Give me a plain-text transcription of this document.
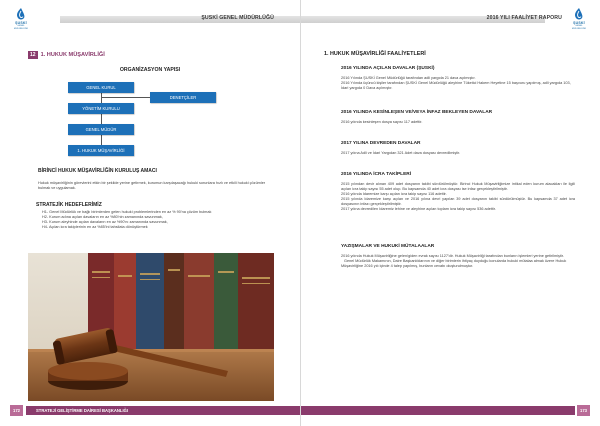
ŞUSKİ GENEL MÜDÜRLÜĞÜ
ŞUSKİ
GENEL MÜDÜRLÜĞÜ
12 1. HUKUK MÜŞAVİRLİĞİ
ORGANİZASYON YAPISI
GENEL KURUL
DENETÇİLER
YÖNETİM KURULU
GENEL MÜDÜR
1. HUKUK MÜŞAVİRLİĞİ
BİRİNCİ HUKUK MÜŞAVİRLİĞİN KURULUŞ AMACI

Hukuk müşavirliğinin görevlerini etkin bir şekilde yerine getirmek, kurumun karşılaşacağı hukuki sorunlara hızlı ve etkili hukuki çözümler bulmak ve uygulamak.

STRATEJİK HEDEFLERİMİZ

H1- Genel Müdürlük ve bağlı birimlerden gelen hukuki problemlerinden en az % 90'na çözüm bulmak

H2- Kurum adına açılan davaların en az %80'nin zamanında savunmak,

H3- Kurum aleyhinde açılan davaların en az %90'nı zamanında savunmak,

H4- Açılan icra takiplerinin en az %85'ini tahsilata dönüştürmek

172	STRATEJİ GELİŞTİRME DAİRESİ BAŞKANLIĞI
2016 YILI FAALİYET RAPORU
ŞUSKİ
GENEL MÜDÜRLÜĞÜ
1. HUKUK MÜŞAVİRLİĞİ FAALİYETLERİ
2016 YILINDA AÇILAN DAVALAR (ŞUSKİ)

2016 Yılında ŞUSKİ Genel Müdürlüğü tarafından adli yargıda 21 dava açılmıştır.

2016 Yılında üçüncü kişiler tarafından ŞUSKİ Genel Müdürlüğü aleyhine Tüketici Hakem Heyetine 15 başvuru yapılmış, adli yargıda 103, İdari yargıda 0 Dava açılmıştır.

2016 YILINDA KESİNLEŞEN VE/VEYA İNFAZ BEKLEYEN DAVALAR

2016 yılında kesinleşen dosya sayısı 117 adettir.

2017 YILINA DEVREDEN DAVALAR

2017 yılına Adli ve İdari Yargıdan 321 Adet dava dosyası devredilmiştir.

2016 YILINDA İCRA TAKİPLERİ

2015 yılından devir alınan 409 adet dosyanın takibi sürdürülmüştür. Birinci Hukuk Müşavirliğimize intikal eden kurum alacakları ile ilgili açılan icra takip sayısı 55 adet olup. Bu kapsamda 40 adet icra dosyası ise infaz gerçekleştirilmiştir.

2016 yılında Idaremize karşı açılan icra takip sayısı 116 adettir.

2015 yılında Idaremize karşı açılan ve 2016 yılına devri yapılan 39 adet dosyanın takibi sürdürülmüştür. Bu kapsamda 37 adet icra dosyasının infazı gerçekleştirilmiştir.

2017 yılına devredilen Idaremiz lehine ve aleyhine açılan toplam icra takip sayısı 536 adettir.

YAZIŞMALAR VE HUKUKİ MÜTALAALAR

2016 yılında Hukuk Müşavirliğine gelen/giden evrak sayısı 1127'dir. Hukuk Müşavirliği tarafından bunların işlemleri yerine getirilmiştir.

Genel Müdürlük Makamının, Daire Başkanlıklarının ve diğer birimlerin ihtiyaç duyduğu konularda hukuki mütalaa almak üzere Hukuk Müşavirliğine 2016 yılı içinde 4 talep yapılmış, bunların cevabı oluşturulmuştur.

173
